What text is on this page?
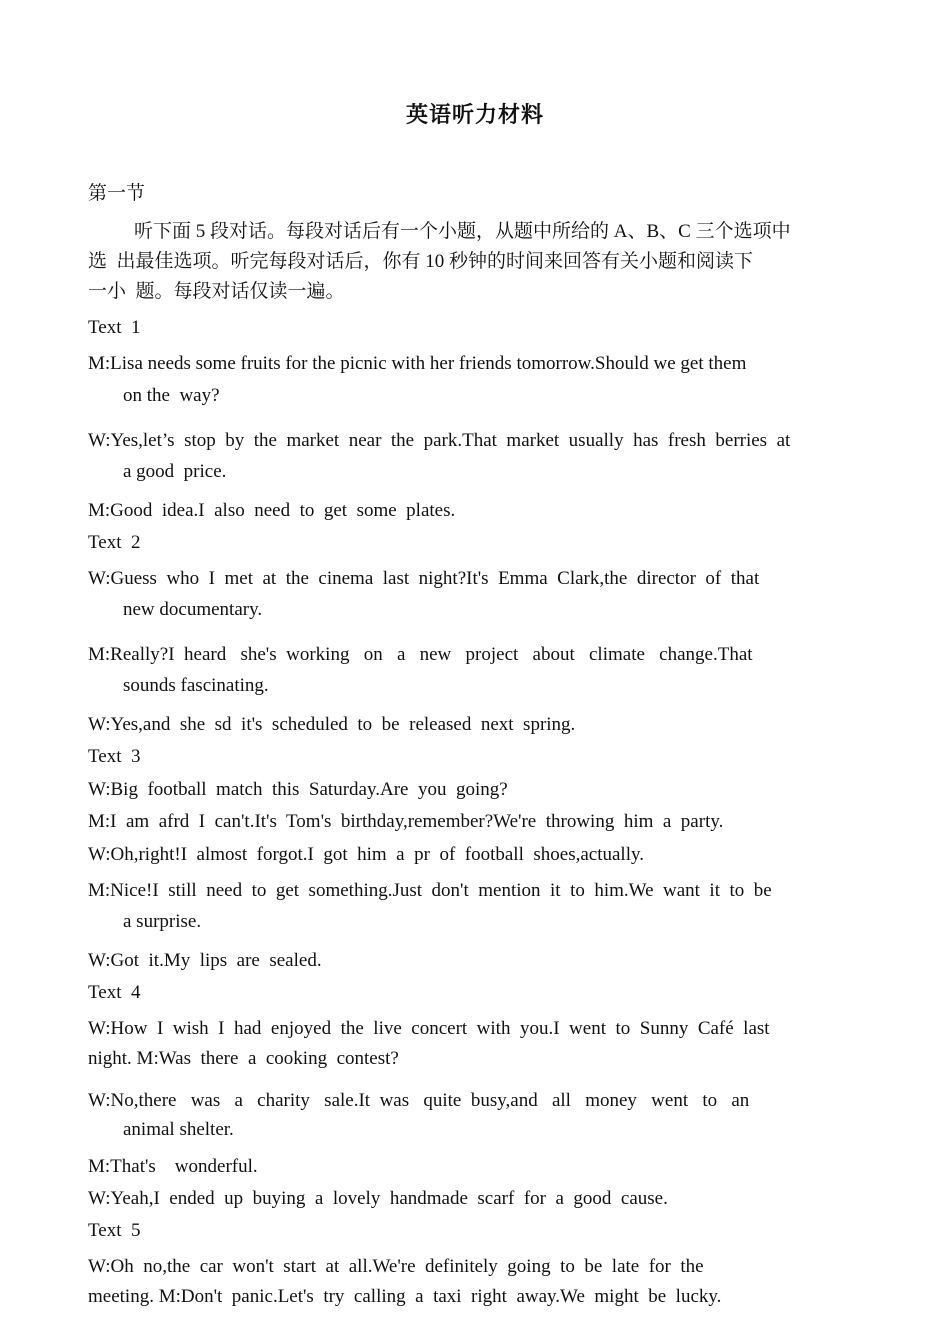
英语听力材料

第一节

听下面 5 段对话。每段对话后有一个小题，从题中所给的 A、B、C 三个选项中

选  出最佳选项。听完每段对话后，你有 10 秒钟的时间来回答有关小题和阅读下

一小  题。每段对话仅读一遍。

Text  1

M:Lisa needs some fruits for the picnic with her friends tomorrow.Should we get them

on the  way?

W:Yes,let’s  stop  by  the  market  near  the  park.That  market  usually  has  fresh  berries  at

a good  price.

M:Good  idea.I  also  need  to  get  some  plates.

Text  2

W:Guess  who  I  met  at  the  cinema  last  night?It's  Emma  Clark,the  director  of  that

new documentary.

M:Really?I  heard   she's  working   on   a   new   project   about   climate   change.That

sounds fascinating.

W:Yes,and  she  sd  it's  scheduled  to  be  released  next  spring.

Text  3

W:Big  football  match  this  Saturday.Are  you  going?

M:I  am  afrd  I  can't.It's  Tom's  birthday,remember?We're  throwing  him  a  party.

W:Oh,right!I  almost  forgot.I  got  him  a  pr  of  football  shoes,actually.

M:Nice!I  still  need  to  get  something.Just  don't  mention  it  to  him.We  want  it  to  be

a surprise.

W:Got  it.My  lips  are  sealed.

Text  4

W:How  I  wish  I  had  enjoyed  the  live  concert  with  you.I  went  to  Sunny  Café  last

night. M:Was  there  a  cooking  contest?

W:No,there   was   a   charity   sale.It  was   quite  busy,and   all   money   went   to   an

animal shelter.

M:That's    wonderful.

W:Yeah,I  ended  up  buying  a  lovely  handmade  scarf  for  a  good  cause.

Text  5

W:Oh  no,the  car  won't  start  at  all.We're  definitely  going  to  be  late  for  the

meeting. M:Don't  panic.Let's  try  calling  a  taxi  right  away.We  might  be  lucky.
